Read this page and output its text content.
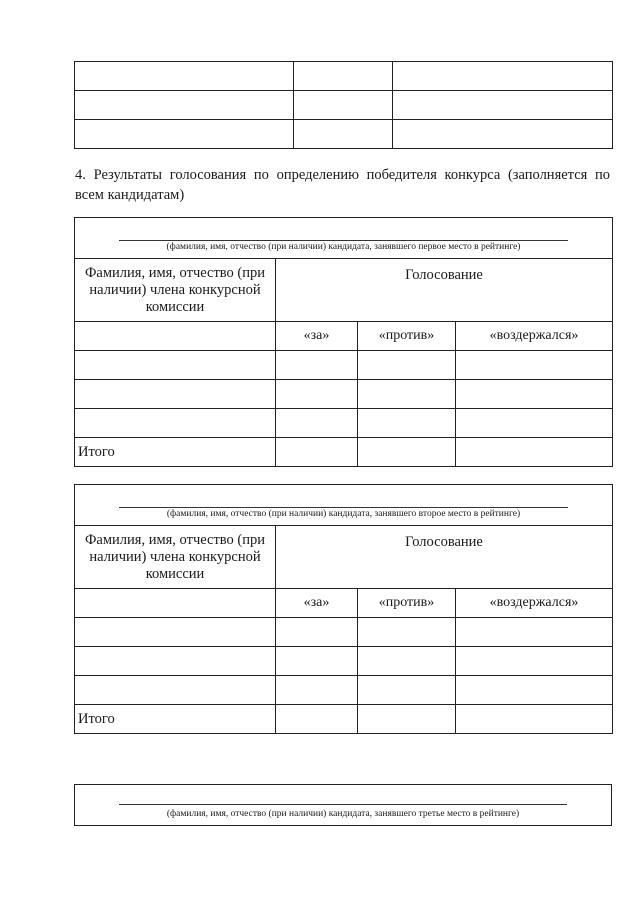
4. Результаты голосования по определению победителя конкурса (заполняется по всем кандидатам)
(фамилия, имя, отчество (при наличии) кандидата, занявшего первое место в рейтинге)			

Фамилия, имя, отчество (при наличии) члена конкурсной комиссии	Голосование		
	«за»	«против»	«воздержался»

Итого			
(фамилия, имя, отчество (при наличии) кандидата, занявшего второе место в рейтинге)			

Фамилия, имя, отчество (при наличии) члена конкурсной комиссии	Голосование		
	«за»	«против»	«воздержался»

Итого			
(фамилия, имя, отчество (при наличии) кандидата, занявшего третье место в рейтинге)
